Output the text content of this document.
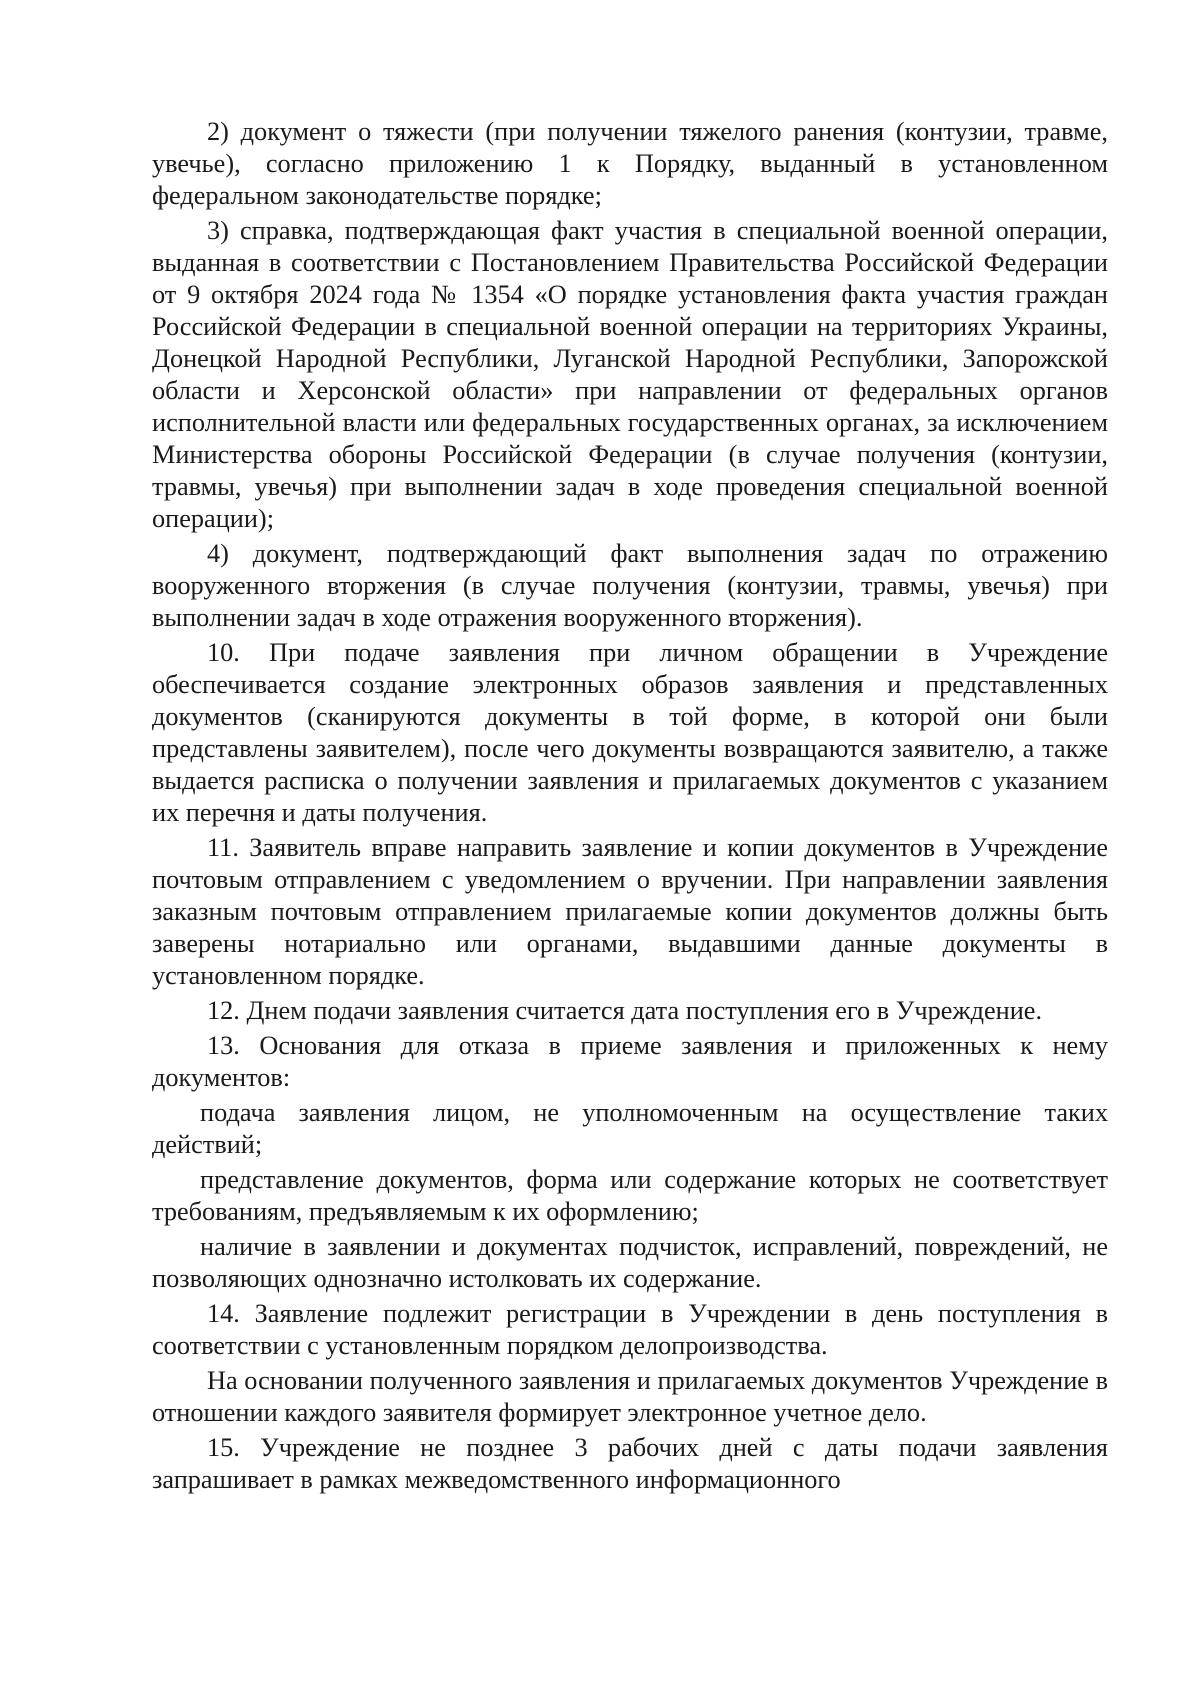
2) документ о тяжести (при получении тяжелого ранения (контузии, травме, увечье), согласно приложению 1 к Порядку, выданный в установленном федеральном законодательстве порядке;

3) справка, подтверждающая факт участия в специальной военной операции, выданная в соответствии с Постановлением Правительства Российской Федерации от 9 октября 2024 года № 1354 «О порядке установления факта участия граждан Российской Федерации в специальной военной операции на территориях Украины, Донецкой Народной Республики, Луганской Народной Республики, Запорожской области и Херсонской области» при направлении от федеральных органов исполнительной власти или федеральных государственных органах, за исключением Министерства обороны Российской Федерации (в случае получения (контузии, травмы, увечья) при выполнении задач в ходе проведения специальной военной операции);

4) документ, подтверждающий факт выполнения задач по отражению вооруженного вторжения (в случае получения (контузии, травмы, увечья) при выполнении задач в ходе отражения вооруженного вторжения).

10. При подаче заявления при личном обращении в Учреждение обеспечивается создание электронных образов заявления и представленных документов (сканируются документы в той форме, в которой они были представлены заявителем), после чего документы возвращаются заявителю, а также выдается расписка о получении заявления и прилагаемых документов с указанием их перечня и даты получения.

11. Заявитель вправе направить заявление и копии документов в Учреждение почтовым отправлением с уведомлением о вручении. При направлении заявления заказным почтовым отправлением прилагаемые копии документов должны быть заверены нотариально или органами, выдавшими данные документы в установленном порядке.

12. Днем подачи заявления считается дата поступления его в Учреждение.

13. Основания для отказа в приеме заявления и приложенных к нему документов:

подача заявления лицом, не уполномоченным на осуществление таких действий;

представление документов, форма или содержание которых не соответствует требованиям, предъявляемым к их оформлению;

наличие в заявлении и документах подчисток, исправлений, повреждений, не позволяющих однозначно истолковать их содержание.

14. Заявление подлежит регистрации в Учреждении в день поступления в соответствии с установленным порядком делопроизводства.

На основании полученного заявления и прилагаемых документов Учреждение в отношении каждого заявителя формирует электронное учетное дело.

15. Учреждение не позднее 3 рабочих дней с даты подачи заявления запрашивает в рамках межведомственного информационного
